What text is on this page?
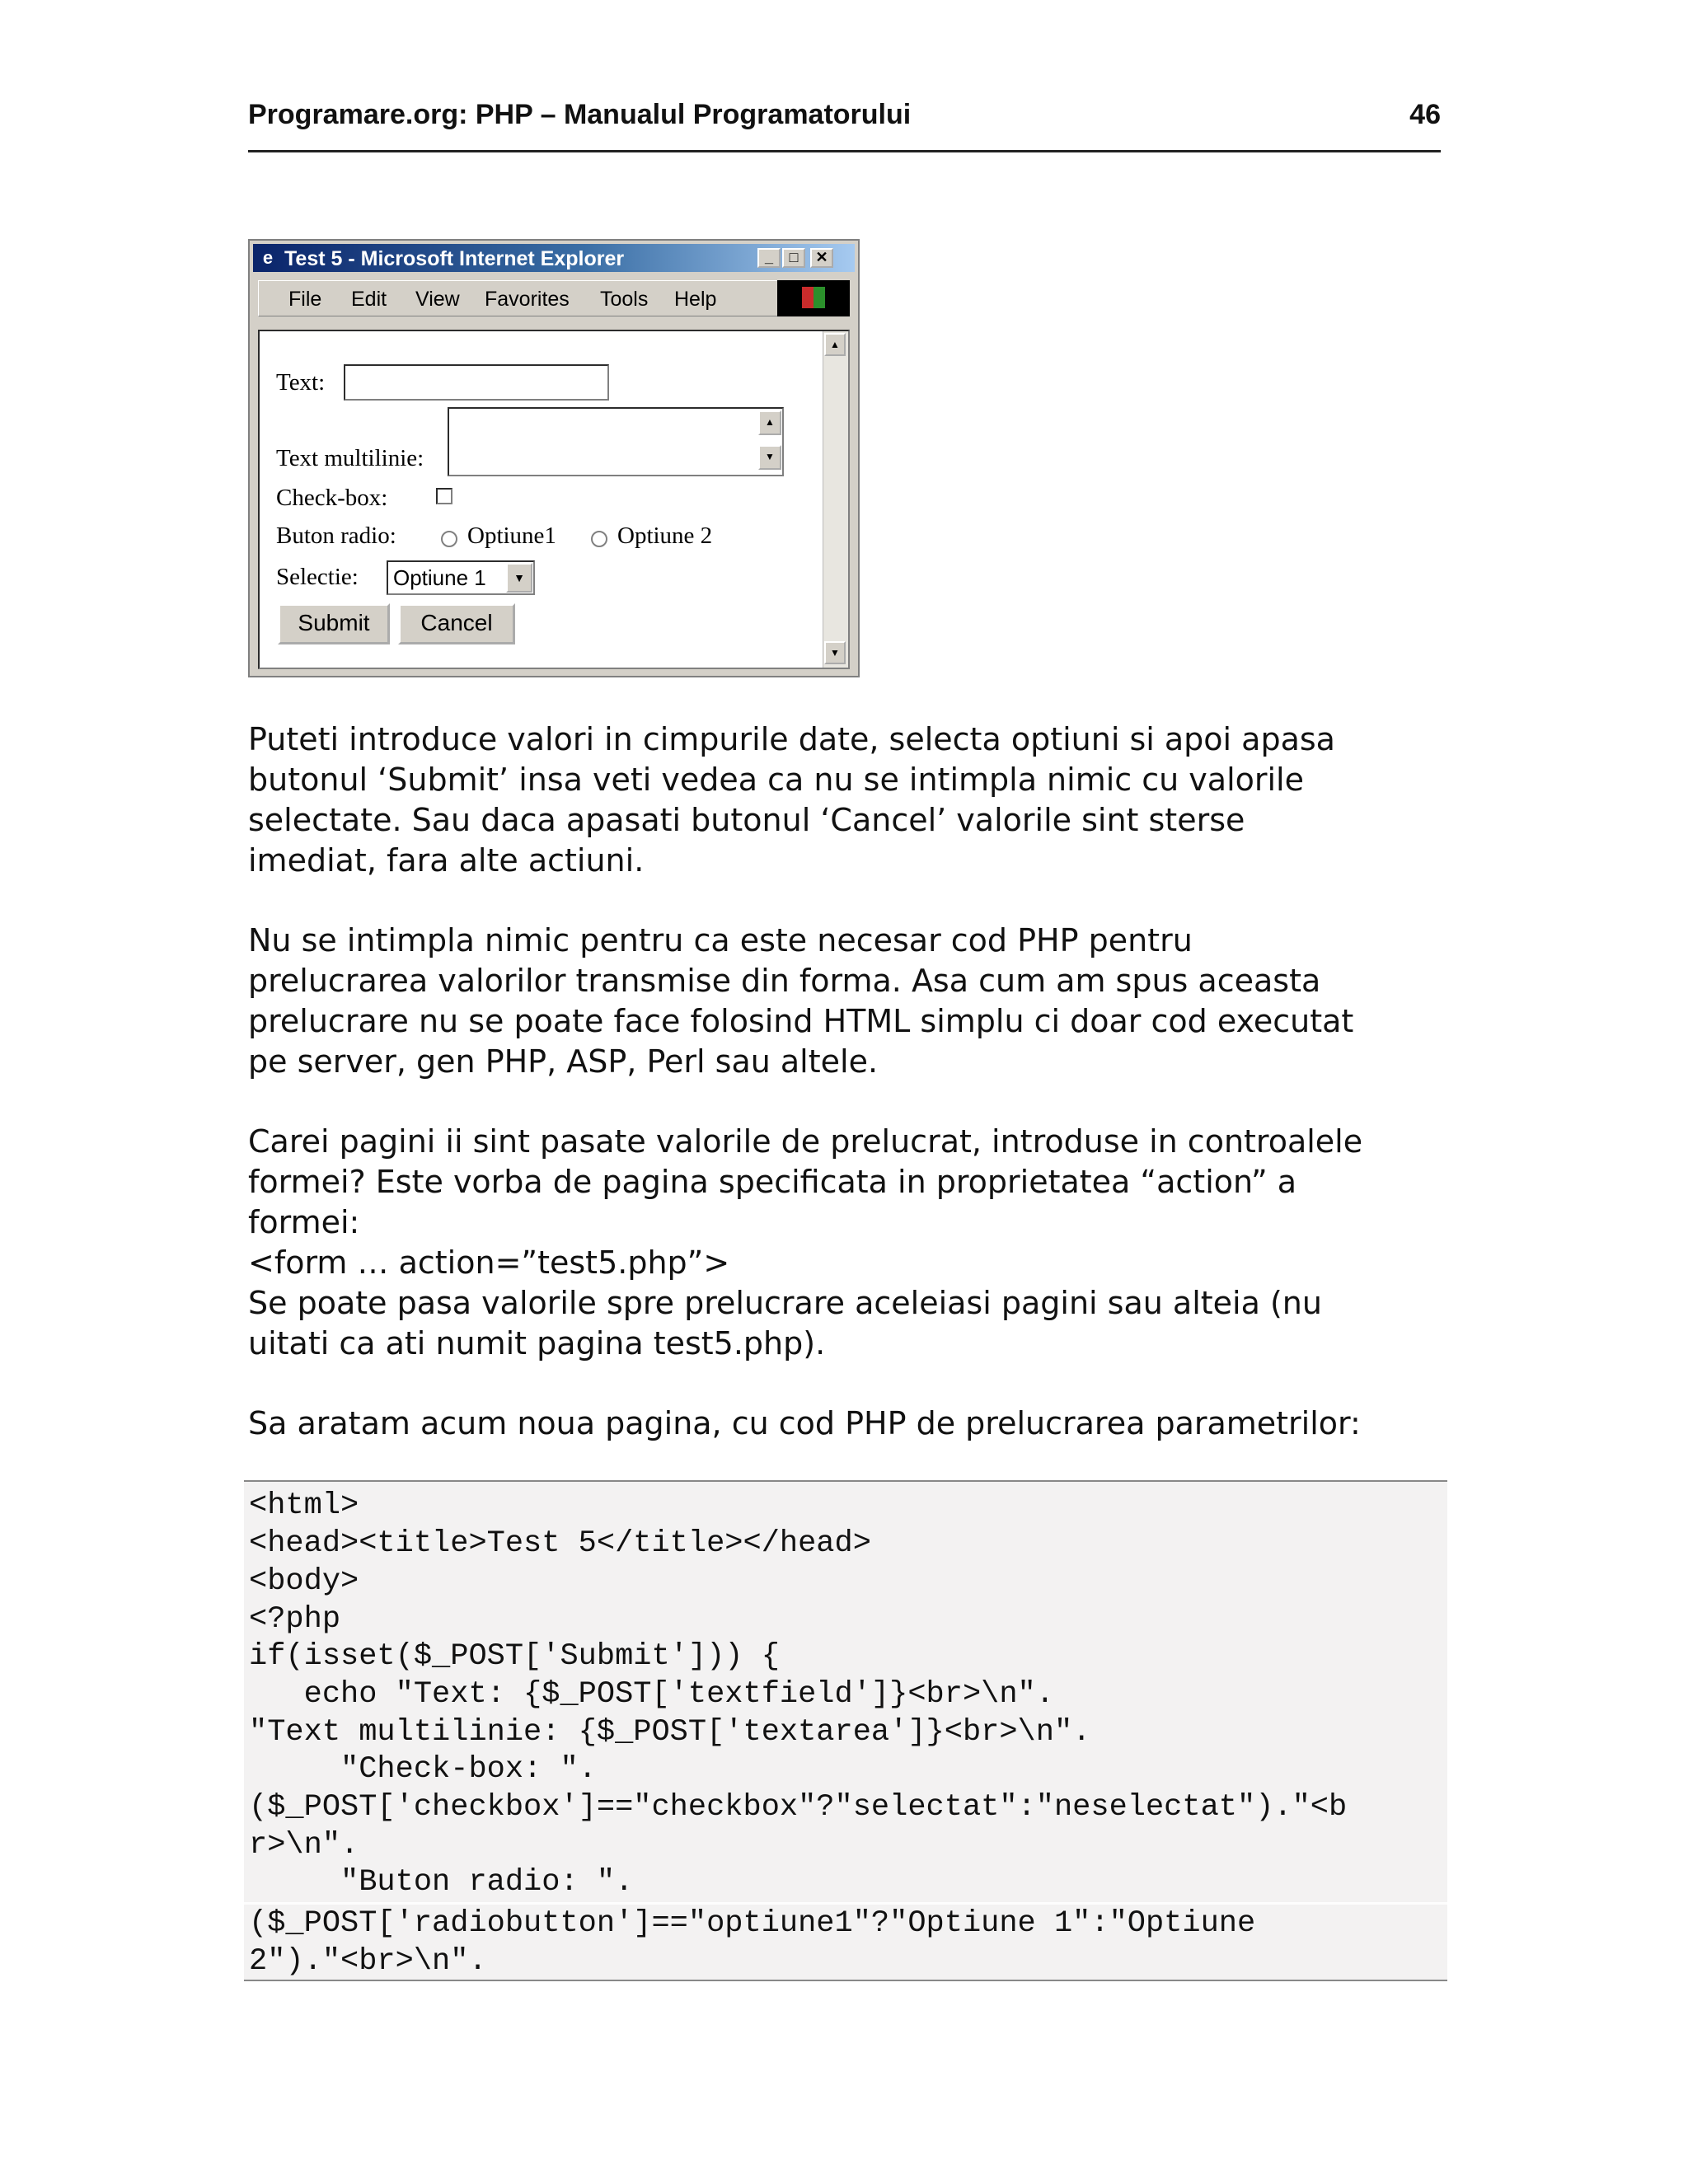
Programare.org: PHP – Manualul Programatorului	46
e Test 5 - Microsoft Internet Explorer	_	□	✕
File Edit View Favorites Tools Help
Text:
Text multilinie:
▲
▼
Check-box:
Buton radio:	Optiune1	Optiune 2
Selectie: Optiune 1	▼
Submit	Cancel
▲
▼
Puteti introduce valori in cimpurile date, selecta optiuni si apoi apasa
butonul ‘Submit’ insa veti vedea ca nu se intimpla nimic cu valorile
selectate. Sau daca apasati butonul ‘Cancel’ valorile sint sterse
imediat, fara alte actiuni.
Nu se intimpla nimic pentru ca este necesar cod PHP pentru
prelucrarea valorilor transmise din forma. Asa cum am spus aceasta
prelucrare nu se poate face folosind HTML simplu ci doar cod executat
pe server, gen PHP, ASP, Perl sau altele.
Carei pagini ii sint pasate valorile de prelucrat, introduse in controalele
formei? Este vorba de pagina specificata in proprietatea “action” a
formei:
<form … action=”test5.php”>
Se poate pasa valorile spre prelucrare aceleiasi pagini sau alteia (nu
uitati ca ati numit pagina test5.php).
Sa aratam acum noua pagina, cu cod PHP de prelucrarea parametrilor:
<html>
<head><title>Test 5</title></head>
<body>
<?php
if(isset($_POST['Submit'])) {
echo "Text: {$_POST['textfield']}<br>\n".
"Text multilinie: {$_POST['textarea']}<br>\n".
"Check-box: ".
($_POST['checkbox']=="checkbox"?"selectat":"neselectat")."<b
r>\n".
"Buton radio: ".
($_POST['radiobutton']=="optiune1"?"Optiune 1":"Optiune
2")."<br>\n".
